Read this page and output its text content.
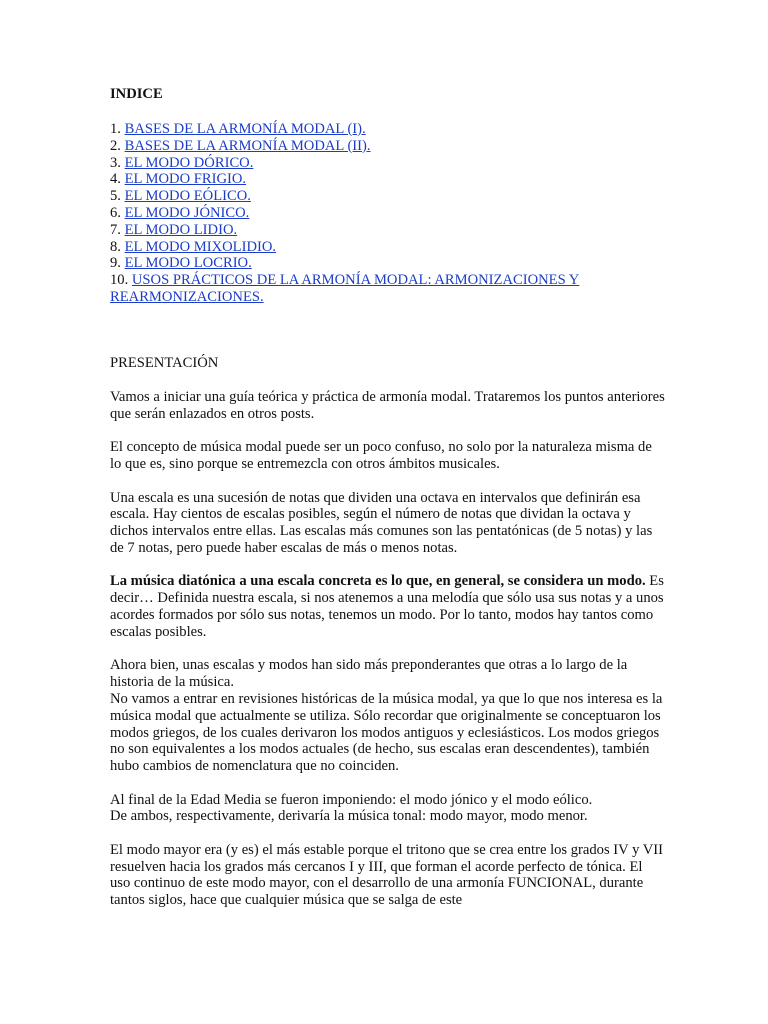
INDICE
1. BASES DE LA ARMONÍA MODAL (I).
2. BASES DE LA ARMONÍA MODAL (II).
3. EL MODO DÓRICO.
4. EL MODO FRIGIO.
5. EL MODO EÓLICO.
6. EL MODO JÓNICO.
7. EL MODO LIDIO.
8. EL MODO MIXOLIDIO.
9. EL MODO LOCRIO.
10. USOS PRÁCTICOS DE LA ARMONÍA MODAL: ARMONIZACIONES Y REARMONIZACIONES.
PRESENTACIÓN

Vamos a iniciar una guía teórica y práctica de armonía modal. Trataremos los puntos anteriores que serán enlazados en otros posts.

El concepto de música modal puede ser un poco confuso, no solo por la naturaleza misma de lo que es, sino porque se entremezcla con otros ámbitos musicales.

Una escala es una sucesión de notas que dividen una octava en intervalos que definirán esa escala. Hay cientos de escalas posibles, según el número de notas que dividan la octava y dichos intervalos entre ellas. Las escalas más comunes son las pentatónicas (de 5 notas) y las de 7 notas, pero puede haber escalas de más o menos notas.

La música diatónica a una escala concreta es lo que, en general, se considera un modo. Es decir… Definida nuestra escala, si nos atenemos a una melodía que sólo usa sus notas y a unos acordes formados por sólo sus notas, tenemos un modo. Por lo tanto, modos hay tantos como escalas posibles.

Ahora bien, unas escalas y modos han sido más preponderantes que otras a lo largo de la historia de la música.

No vamos a entrar en revisiones históricas de la música modal, ya que lo que nos interesa es la música modal que actualmente se utiliza. Sólo recordar que originalmente se conceptuaron los modos griegos, de los cuales derivaron los modos antiguos y eclesiásticos. Los modos griegos no son equivalentes a los modos actuales (de hecho, sus escalas eran descendentes), también hubo cambios de nomenclatura que no coinciden.

Al final de la Edad Media se fueron imponiendo: el modo jónico y el modo eólico.

De ambos, respectivamente, derivaría la música tonal: modo mayor, modo menor.

El modo mayor era (y es) el más estable porque el tritono que se crea entre los grados IV y VII resuelven hacia los grados más cercanos I y III, que forman el acorde perfecto de tónica. El uso continuo de este modo mayor, con el desarrollo de una armonía FUNCIONAL, durante tantos siglos, hace que cualquier música que se salga de este
